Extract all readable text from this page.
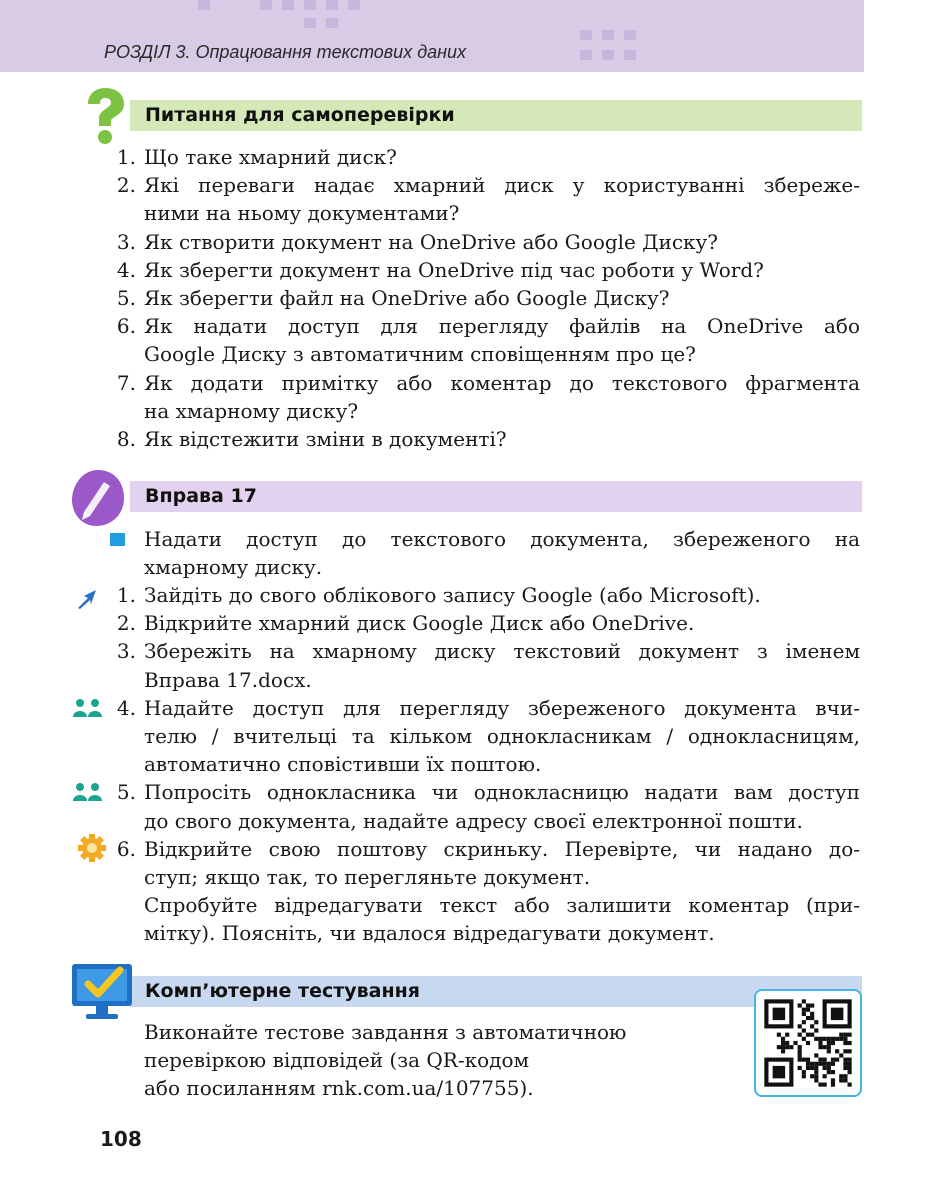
РОЗДІЛ 3. Опрацювання текстових даних
Питання для самоперевірки
1. Що таке хмарний диск?
2. Які переваги надає хмарний диск у користуванні збереже-
ними на ньому документами?
3. Як створити документ на OneDrive або Google Диску?
4. Як зберегти документ на OneDrive під час роботи у Word?
5. Як зберегти файл на OneDrive або Google Диску?
6. Як надати доступ для перегляду файлів на OneDrive або
Google Диску з автоматичним сповіщенням про це?
7. Як додати примітку або коментар до текстового фрагмента
на хмарному диску?
8. Як відстежити зміни в документі?
Вправа 17
Надати доступ до текстового документа, збереженого на
хмарному диску.
1. Зайдіть до свого облікового запису Google (або Microsoft).
2. Відкрийте хмарний диск Google Диск або OneDrive.
3. Збережіть на хмарному диску текстовий документ з іменем
Вправа 17.docx.
4. Надайте доступ для перегляду збереженого документа вчи-
телю / вчительці та кільком однокласникам / однокласницям,
автоматично сповістивши їх поштою.
5. Попросіть однокласника чи однокласницю надати вам доступ
до свого документа, надайте адресу своєї електронної пошти.
6. Відкрийте свою поштову скриньку. Перевірте, чи надано до-
ступ; якщо так, то перегляньте документ.
Спробуйте відредагувати текст або залишити коментар (при-
мітку). Поясніть, чи вдалося відредагувати документ.
Комп’ютерне тестування
Виконайте тестове завдання з автоматичною
перевіркою відповідей (за QR-кодом
або посиланням rnk.com.ua/107755).
108
